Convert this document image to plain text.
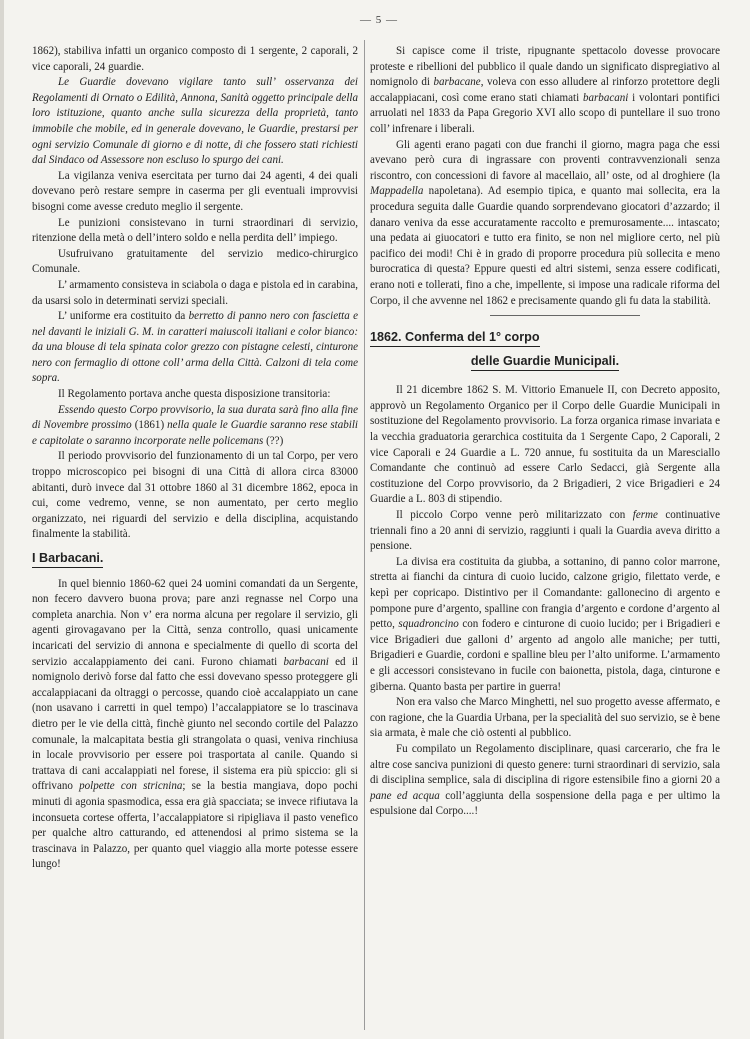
— 5 —

1862), stabiliva infatti un organico composto di 1 sergente, 2 caporali, 2 vice caporali, 24 guardie.

Le Guardie dovevano vigilare tanto sull’ osservanza dei Regolamenti di Ornato o Edilità, Annona, Sanità oggetto principale della loro istituzione, quanto anche sulla sicurezza della proprietà, tanto immobile che mobile, ed in generale dovevano, le Guardie, prestarsi per ogni servizio Comunale di giorno e di notte, di che fossero stati richiesti dal Sindaco od Assessore non escluso lo spurgo dei cani.

La vigilanza veniva esercitata per turno dai 24 agenti, 4 dei quali dovevano però restare sempre in caserma per gli eventuali improvvisi bisogni come avesse creduto meglio il sergente.

Le punizioni consistevano in turni straordinari di servizio, ritenzione della metà o dell’intero soldo e nella perdita dell’ impiego.

Usufruivano gratuitamente del servizio medico-chirurgico Comunale.

L’ armamento consisteva in sciabola o daga e pistola ed in carabina, da usarsi solo in determinati servizi speciali.

L’ uniforme era costituito da berretto di panno nero con fascietta e nel davanti le iniziali G. M. in caratteri maiuscoli italiani e color bianco: da una blouse di tela spinata color grezzo con pistagne celesti, cinturone nero con fermaglio di ottone coll’ arma della Città. Calzoni di tela come sopra.

Il Regolamento portava anche questa disposizione transitoria:

Essendo questo Corpo provvisorio, la sua durata sarà fino alla fine di Novembre prossimo (1861) nella quale le Guardie saranno rese stabili e capitolate o saranno incorporate nelle policemans (??)

Il periodo provvisorio del funzionamento di un tal Corpo, per vero troppo microscopico pei bisogni di una Città di allora circa 83000 abitanti, durò invece dal 31 ottobre 1860 al 31 dicembre 1862, epoca in cui, come vedremo, venne, se non aumentato, per certo meglio organizzato, nei riguardi del servizio e della disciplina, acquistando finalmente la stabilità.

I Barbacani.

In quel biennio 1860-62 quei 24 uomini comandati da un Sergente, non fecero davvero buona prova; pare anzi regnasse nel Corpo una completa anarchia. Non v’ era norma alcuna per regolare il servizio, gli agenti girovagavano per la Città, senza controllo, quasi unicamente incaricati del servizio di annona e specialmente di quello di scorta del servizio accalappiamento dei cani. Furono chiamati barbacani ed il nomignolo derivò forse dal fatto che essi dovevano spesso proteggere gli accalappiacani da oltraggi o percosse, quando cioè accalappiato un cane (non usavano i carretti in quel tempo) l’accalappiatore se lo trascinava dietro per le vie della città, finchè giunto nel secondo cortile del Palazzo comunale, la malcapitata bestia gli strangolata o quasi, veniva rinchiusa in locale provvisorio per essere poi trasportata al canile. Quando si trattava di cani accalappiati nel forese, il sistema era più spiccio: gli si offrivano polpette con stricnina; se la bestia mangiava, dopo pochi minuti di agonia spasmodica, essa era già spacciata; se invece rifiutava la inconsueta cortese offerta, l’accalappiatore si ripigliava il pasto venefico per qualche altro catturando, ed attenendosi al primo sistema se la trascinava in Palazzo, per quanto quel viaggio alla morte potesse essere lungo!

Si capisce come il triste, ripugnante spettacolo dovesse provocare proteste e ribellioni del pubblico il quale dando un significato dispregiativo al nomignolo di barbacane, voleva con esso alludere al rinforzo protettore degli accalappiacani, così come erano stati chiamati barbacani i volontari pontifici arruolati nel 1833 da Papa Gregorio XVI allo scopo di puntellare il suo trono coll’ infrenare i liberali.

Gli agenti erano pagati con due franchi il giorno, magra paga che essi avevano però cura di ingrassare con proventi contravvenzionali senza riscontro, con concessioni di favore al macellaio, all’ oste, od al droghiere (la Mappadella napoletana). Ad esempio tipica, e quanto mai sollecita, era la procedura seguita dalle Guardie quando sorprendevano giocatori d’azzardo; il danaro veniva da esse accuratamente raccolto e premurosamente.... intascato; una pedata ai giuocatori e tutto era finito, se non nel migliore certo, nel più pacifico dei modi! Chi è in grado di proporre procedura più sollecita e meno burocratica di questa? Eppure questi ed altri sistemi, senza essere codificati, erano noti e tollerati, fino a che, impellente, si impose una radicale riforma del Corpo, il che avvenne nel 1862 e precisamente quando gli fu data la stabilità.

1862. Conferma del 1° corpo
delle Guardie Municipali.

Il 21 dicembre 1862 S. M. Vittorio Emanuele II, con Decreto apposito, approvò un Regolamento Organico per il Corpo delle Guardie Municipali in sostituzione del Regolamento provvisorio. La forza organica rimase invariata e la vecchia graduatoria gerarchica costituita da 1 Sergente Capo, 2 Caporali, 2 vice Caporali e 24 Guardie a L. 720 annue, fu sostituita da un Maresciallo Comandante che continuò ad essere Carlo Sedacci, già Sergente alla costituzione del Corpo provvisorio, da 2 Brigadieri, 2 vice Brigadieri e 24 Guardie a L. 803 di stipendio.

Il piccolo Corpo venne però militarizzato con ferme continuative triennali fino a 20 anni di servizio, raggiunti i quali la Guardia aveva diritto a pensione.

La divisa era costituita da giubba, a sottanino, di panno color marrone, stretta ai fianchi da cintura di cuoio lucido, calzone grigio, filettato verde, e kepì per copricapo. Distintivo per il Comandante: gallonecino di argento e pompone pure d’argento, spalline con frangia d’argento e cordone d’argento al petto, squadroncino con fodero e cinturone di cuoio lucido; per i Brigadieri e vice Brigadieri due galloni d’ argento ad angolo alle maniche; per tutti, Brigadieri e Guardie, cordoni e spalline bleu per l’alto uniforme. L’armamento e gli accessori consistevano in fucile con baionetta, pistola, daga, cinturone e giberna. Quanto basta per partire in guerra!

Non era valso che Marco Minghetti, nel suo progetto avesse affermato, e con ragione, che la Guardia Urbana, per la specialità del suo servizio, se è bene sia armata, è male che ciò ostenti al pubblico.

Fu compilato un Regolamento disciplinare, quasi carcerario, che fra le altre cose sanciva punizioni di questo genere: turni straordinari di servizio, sala di disciplina semplice, sala di disciplina di rigore estensibile fino a giorni 20 a pane ed acqua coll’aggiunta della sospensione della paga e per ultimo la espulsione dal Corpo....!
